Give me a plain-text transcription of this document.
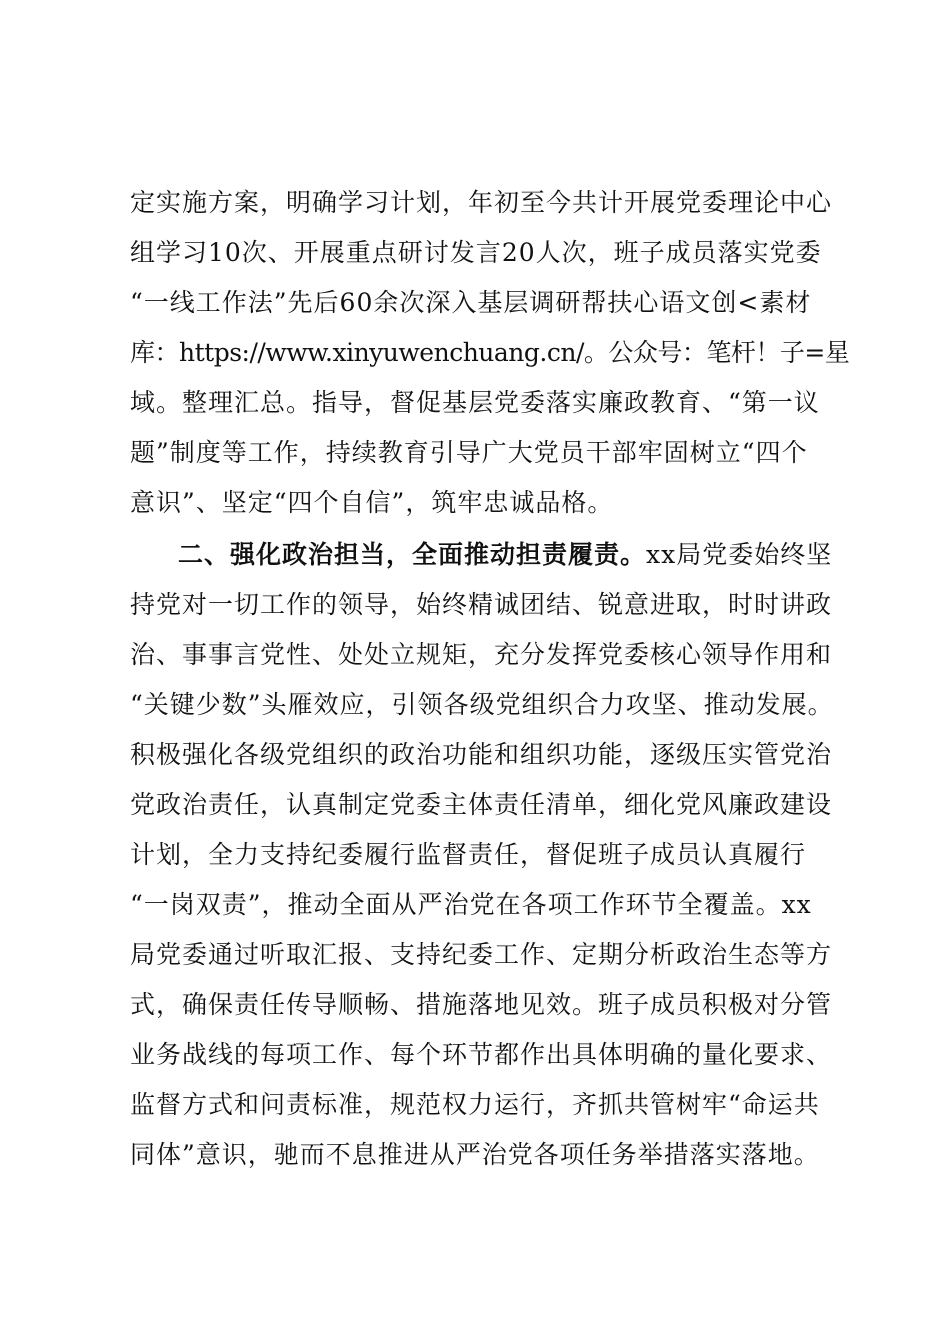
定实施方案，明确学习计划，年初至今共计开展党委理论中心
组学习10次、开展重点研讨发言20人次，班子成员落实党委
“一线工作法”先后60余次深入基层调研帮扶心语文创<素材
库：https://www.xinyuwenchuang.cn/。公众号：笔杆！子=星
域。整理汇总。指导，督促基层党委落实廉政教育、“第一议
题”制度等工作，持续教育引导广大党员干部牢固树立“四个
意识”、坚定“四个自信”，筑牢忠诚品格。
二、强化政治担当，全面推动担责履责。xx局党委始终坚
持党对一切工作的领导，始终精诚团结、锐意进取，时时讲政
治、事事言党性、处处立规矩，充分发挥党委核心领导作用和
“关键少数”头雁效应，引领各级党组织合力攻坚、推动发展。
积极强化各级党组织的政治功能和组织功能，逐级压实管党治
党政治责任，认真制定党委主体责任清单，细化党风廉政建设
计划，全力支持纪委履行监督责任，督促班子成员认真履行
“一岗双责”，推动全面从严治党在各项工作环节全覆盖。xx
局党委通过听取汇报、支持纪委工作、定期分析政治生态等方
式，确保责任传导顺畅、措施落地见效。班子成员积极对分管
业务战线的每项工作、每个环节都作出具体明确的量化要求、
监督方式和问责标准，规范权力运行，齐抓共管树牢“命运共
同体”意识，驰而不息推进从严治党各项任务举措落实落地。
